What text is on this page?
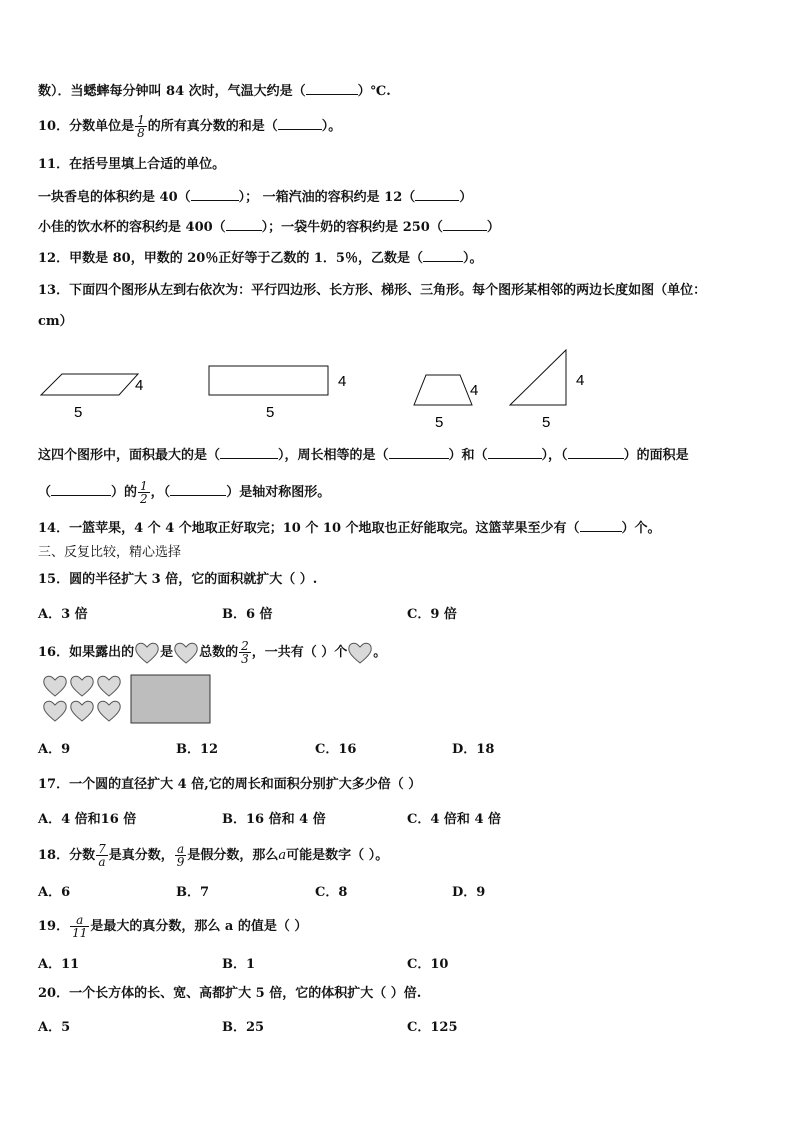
数）．当蟋蟀每分钟叫 84 次时，气温大约是（	）℃.
10．分数单位是 $\frac{1}{8}$ 的所有真分数的和是（	）。
11．在括号里填上合适的单位。
一块香皂的体积约是 40（	）； 一箱汽油的容积约是 12（	）
小佳的饮水杯的容积约是 400（	）；一袋牛奶的容积约是 250（	）
12．甲数是 80，甲数的 20％正好等于乙数的 1．5％，乙数是（	）。
13．下面四个图形从左到右依次为：平行四边形、长方形、梯形、三角形。每个图形某相邻的两边长度如图（单位：
cm）
4
5
4
5
4
5
4
5
这四个图形中，面积最大的是（	），周长相等的是（	）和（	），（	）的面积是
（	）的 $\frac{1}{2}$ ，（	）是轴对称图形。
14．一篮苹果，4 个 4 个地取正好取完；10 个 10 个地取也正好能取完。这篮苹果至少有（	）个。
三、反复比较，精心选择
15．圆的半径扩大 3 倍，它的面积就扩大（ ）.
A．3 倍	B．6 倍	C．9 倍
16．如果露出的 是 总数的 $\frac{2}{3}$ ，一共有（ ）个 。
A．9	B．12	C．16	D．18
17．一个圆的直径扩大 4 倍,它的周长和面积分别扩大多少倍（ ）
A．4 倍和16 倍	B．16 倍和 4 倍	C．4 倍和 4 倍
18．分数 $\frac{7}{a}$ 是真分数， $\frac{a}{9}$ 是假分数，那么a可能是数字（ ）。
A．6	B．7	C．8	D．9
19． $\frac{a}{11}$ 是最大的真分数，那么 a 的值是（ ）
A．11	B．1	C．10
20．一个长方体的长、宽、高都扩大 5 倍，它的体积扩大（ ）倍.
A．5	B．25	C．125
